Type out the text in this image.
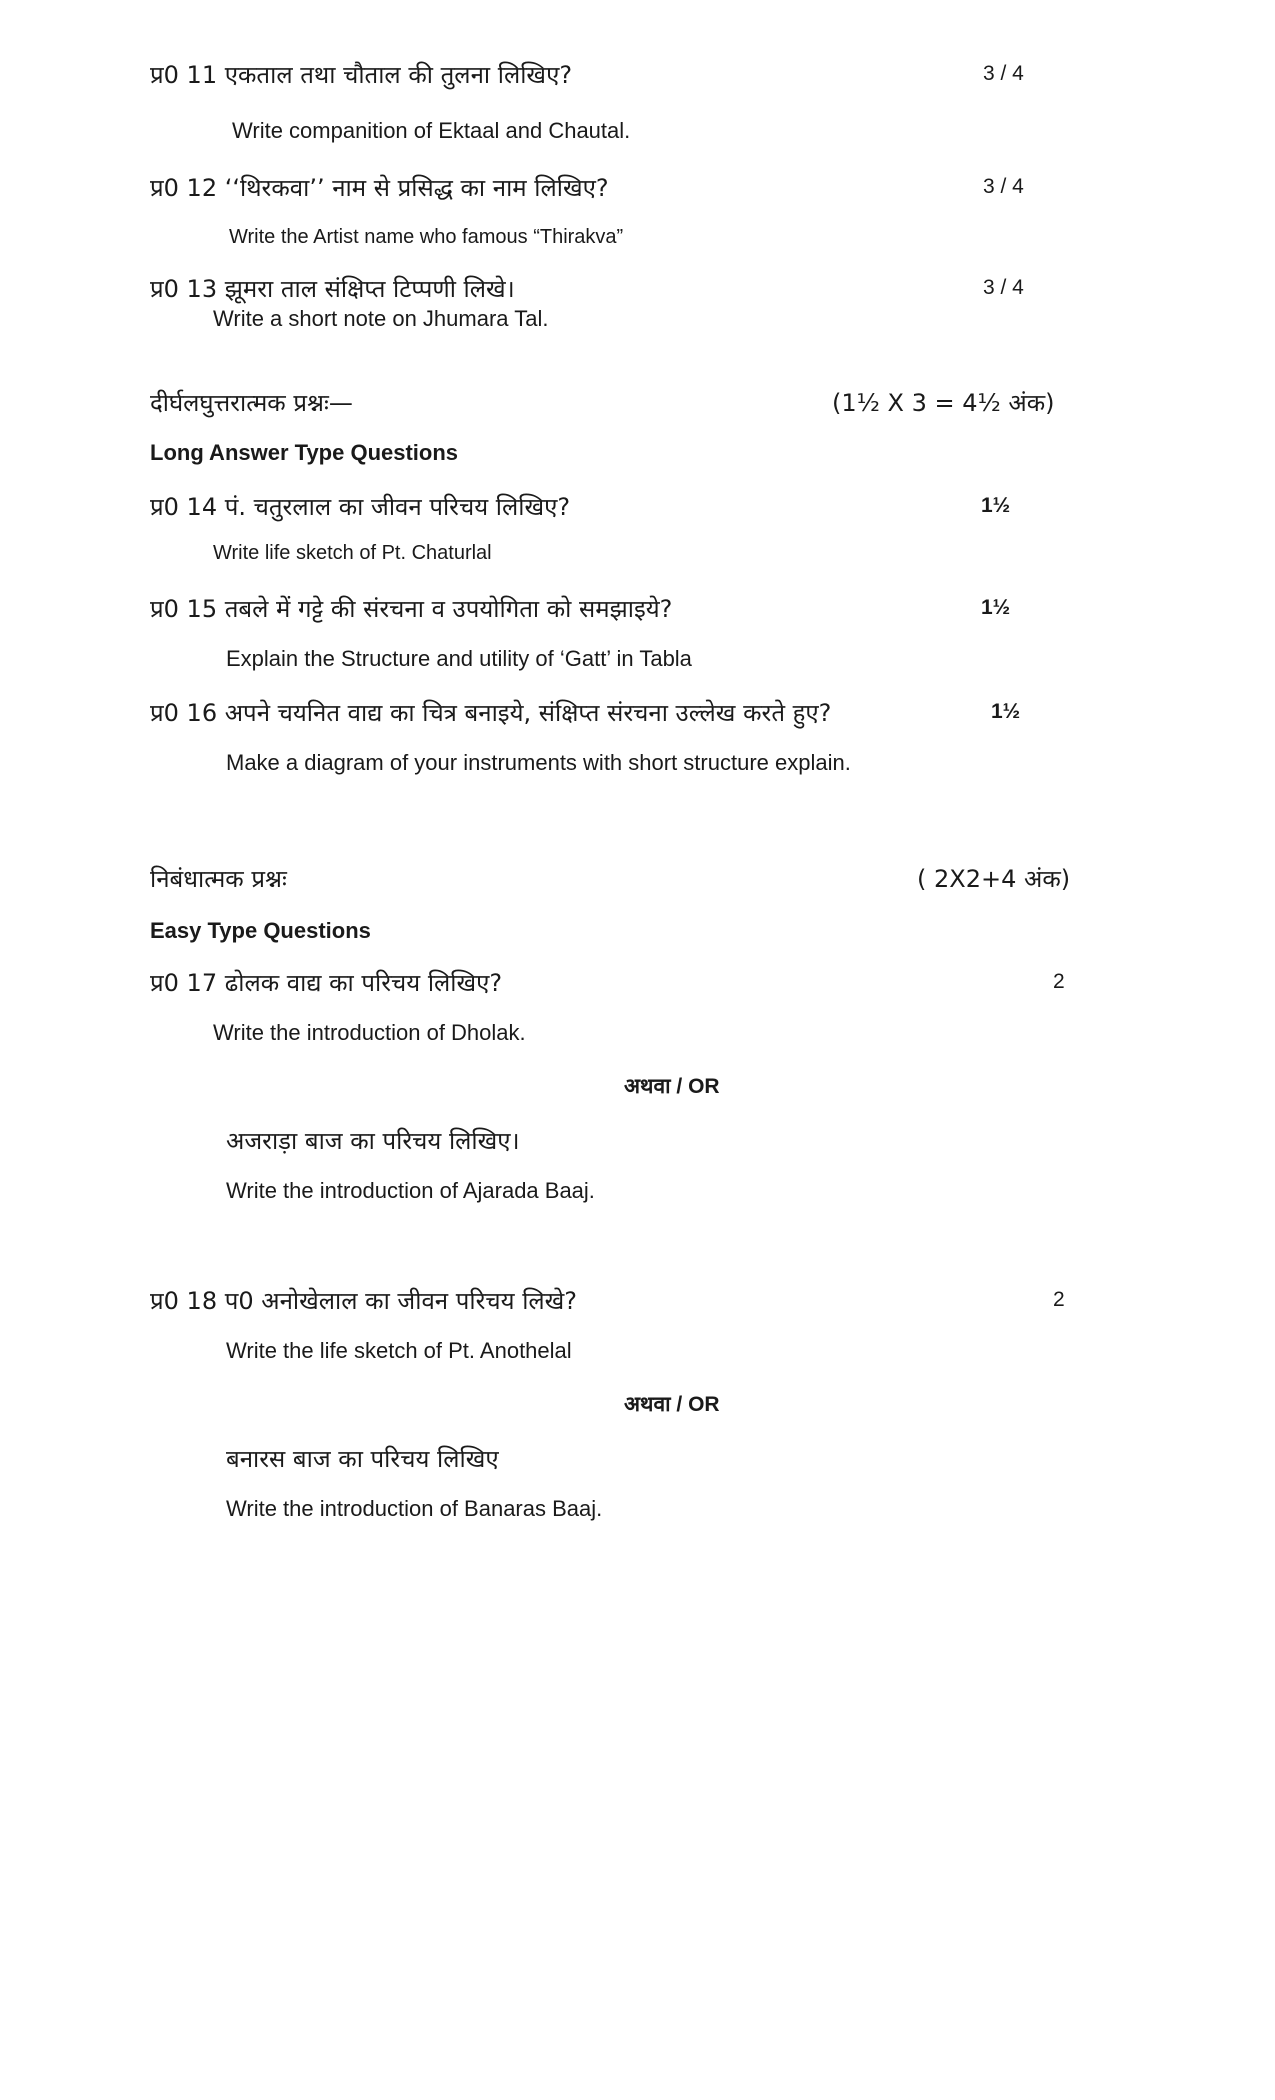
प्र0 11 एकताल तथा चौताल की तुलना लिखिए?	3 / 4
Write companition of Ektaal and Chautal.
प्र0 12 ‘‘थिरकवा’’ नाम से प्रसिद्ध का नाम लिखिए?	3 / 4
Write the Artist name who famous “Thirakva”
प्र0 13 झूमरा ताल संक्षिप्त टिप्पणी लिखे।	3 / 4
Write a short note on Jhumara Tal.
दीर्घलघुत्तरात्मक प्रश्नः—	(1½ X 3 = 4½ अंक)
Long Answer Type Questions
प्र0 14 पं. चतुरलाल का जीवन परिचय लिखिए?	1½
Write life sketch of Pt. Chaturlal
प्र0 15 तबले में गट्टे की संरचना व उपयोगिता को समझाइये?	1½
Explain the Structure and utility of ‘Gatt’ in Tabla
प्र0 16 अपने चयनित वाद्य का चित्र बनाइये, संक्षिप्त संरचना उल्लेख करते हुए?	1½
Make a diagram of your instruments with short structure explain.
निबंधात्मक प्रश्नः	( 2X2+4 अंक)
Easy Type Questions
प्र0 17 ढोलक वाद्य का परिचय लिखिए?	2
Write the introduction of Dholak.
अथवा / OR
अजराड़ा बाज का परिचय लिखिए।
Write the introduction of Ajarada Baaj.
प्र0 18 प0 अनोखेलाल का जीवन परिचय लिखे?	2
Write the life sketch of Pt. Anothelal
अथवा / OR
बनारस बाज का परिचय लिखिए
Write the introduction of Banaras Baaj.
